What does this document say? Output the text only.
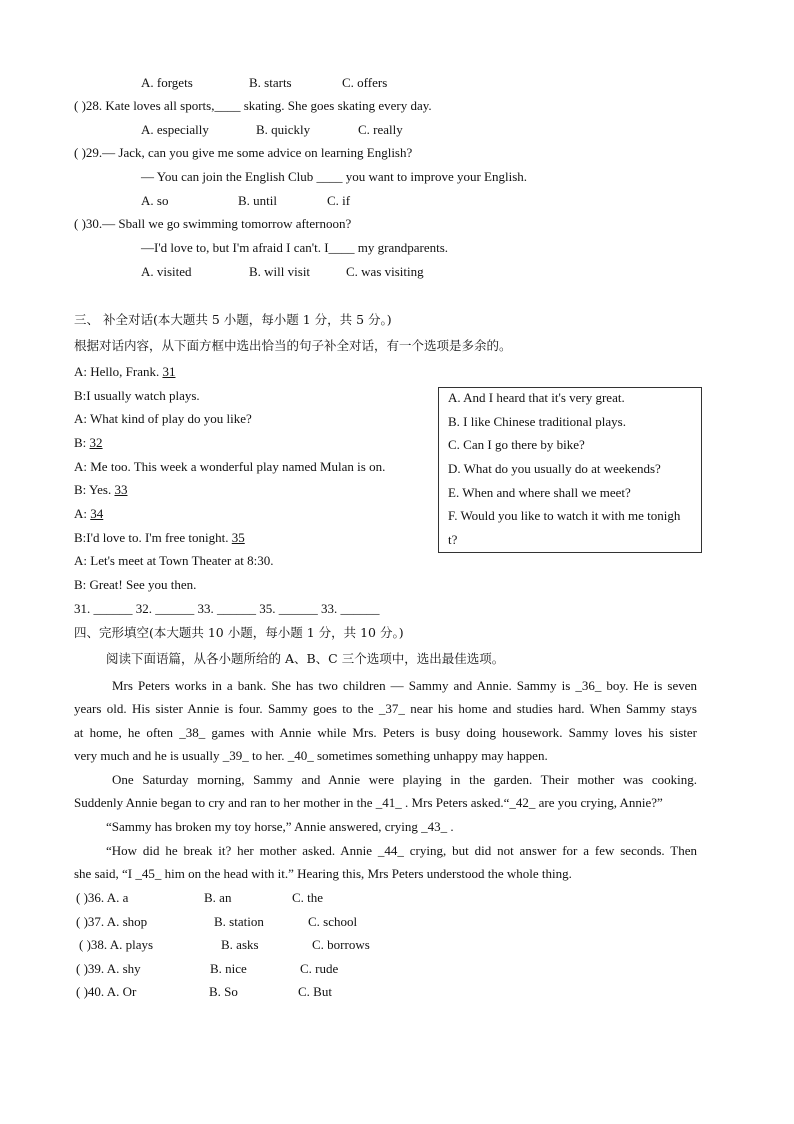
A. forgets	B. starts	C. offers
( )28. Kate loves all sports,____ skating. She goes skating every day.
A. especially	B. quickly	C. really
( )29.— Jack, can you give me some advice on learning English?
— You can join the English Club ____ you want to improve your English.
A. so	B. until	C. if
( )30.— Sball we go swimming tomorrow afternoon?
—I'd love to, but I'm afraid I can't. I____ my grandparents.
A. visited	B. will visit	C. was visiting
三、 补全对话(本大题共 5 小题，每小题 1 分，共 5 分。)
根据对话内容，从下面方框中选出恰当的句子补全对话，有一个选项是多余的。
A: Hello, Frank. 31
B:I usually watch plays.
A: What kind of play do you like?
B: 32
A: Me too. This week a wonderful play named Mulan is on.
B: Yes. 33
A: 34
B:I'd love to. I'm free tonight. 35
A: Let's meet at Town Theater at 8:30.
B: Great! See you then.
31. ______ 32. ______ 33. ______ 35. ______ 33. ______
A. And I heard that it's very great.
B. I like Chinese traditional plays.
C. Can I go there by bike?
D. What do you usually do at weekends?
E. When and where shall we meet?
F. Would you like to watch it with me tonigh
t?
四、完形填空(本大题共 10 小题，每小题 1 分，共 10 分。)
阅读下面语篇，从各小题所给的 A、B、C 三个选项中，选出最佳选项。
Mrs Peters works in a bank. She has two children — Sammy and Annie. Sammy is _36_ boy. He is seven
years old. His sister Annie is four. Sammy goes to the _37_ near his home and studies hard. When Sammy stays
at home, he often _38_ games with Annie while Mrs. Peters is busy doing housework. Sammy loves his sister
very much and he is usually _39_ to her. _40_ sometimes something unhappy may happen.
One Saturday morning, Sammy and Annie were playing in the garden. Their mother was cooking.
Suddenly Annie began to cry and ran to her mother in the _41_ . Mrs Peters asked.“_42_ are you crying, Annie?”
“Sammy has broken my toy horse,” Annie answered, crying _43_ .
“How did he break it? her mother asked. Annie _44_ crying, but did not answer for a few seconds. Then
she said, “I _45_ him on the head with it.” Hearing this, Mrs Peters understood the whole thing.
( )36. A. a	B. an	C. the
( )37. A. shop	B. station	C. school
( )38. A. plays	B. asks	C. borrows
( )39. A. shy	B. nice	C. rude
( )40. A. Or	B. So	C. But
